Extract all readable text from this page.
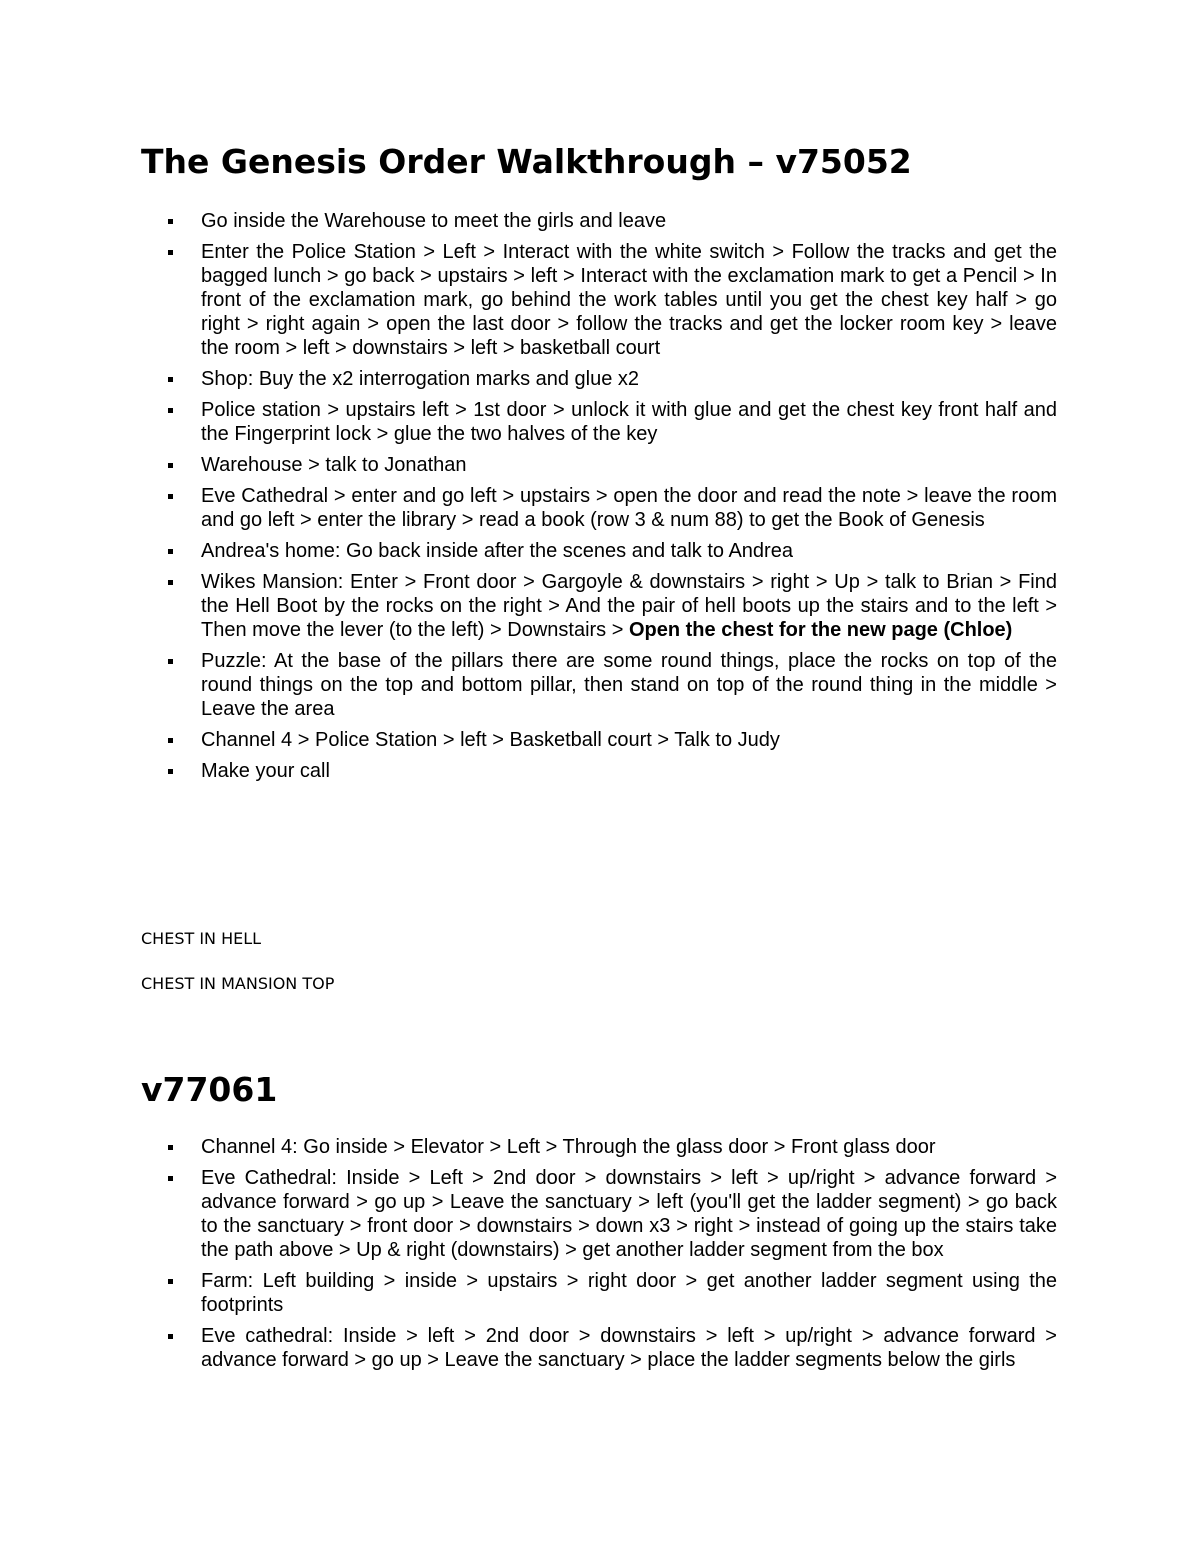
The Genesis Order Walkthrough – v75052
Go inside the Warehouse to meet the girls and leave
Enter the Police Station > Left > Interact with the white switch > Follow the tracks and get the bagged lunch > go back > upstairs > left > Interact with the exclamation mark to get a Pencil > In front of the exclamation mark, go behind the work tables until you get the chest key half > go right > right again > open the last door > follow the tracks and get the locker room key > leave the room > left > downstairs > left > basketball court
Shop: Buy the x2 interrogation marks and glue x2
Police station > upstairs left > 1st door > unlock it with glue and get the chest key front half and the Fingerprint lock > glue the two halves of the key
Warehouse > talk to Jonathan
Eve Cathedral > enter and go left > upstairs > open the door and read the note > leave the room and go left > enter the library > read a book (row 3 & num 88) to get the Book of Genesis
Andrea's home: Go back inside after the scenes and talk to Andrea
Wikes Mansion: Enter > Front door > Gargoyle & downstairs > right > Up > talk to Brian > Find the Hell Boot by the rocks on the right > And the pair of hell boots up the stairs and to the left > Then move the lever (to the left) > Downstairs > Open the chest for the new page (Chloe)
Puzzle: At the base of the pillars there are some round things, place the rocks on top of the round things on the top and bottom pillar, then stand on top of the round thing in the middle > Leave the area
Channel 4 > Police Station > left > Basketball court > Talk to Judy
Make your call

CHEST IN HELL

CHEST IN MANSION TOP

v77061
Channel 4: Go inside > Elevator > Left > Through the glass door > Front glass door
Eve Cathedral: Inside > Left > 2nd door > downstairs > left > up/right > advance forward > advance forward > go up > Leave the sanctuary > left (you'll get the ladder segment) > go back to the sanctuary > front door > downstairs > down x3 > right > instead of going up the stairs take the path above > Up & right (downstairs) > get another ladder segment from the box
Farm: Left building > inside > upstairs > right door > get another ladder segment using the footprints
Eve cathedral: Inside > left > 2nd door > downstairs > left > up/right > advance forward > advance forward > go up > Leave the sanctuary > place the ladder segments below the girls
